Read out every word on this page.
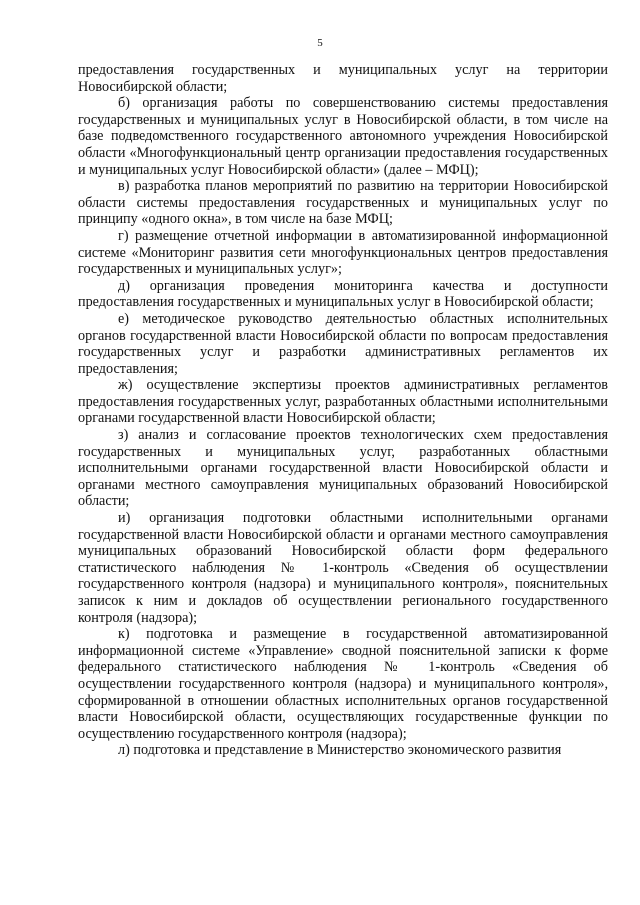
5

предоставления государственных и муниципальных услуг на территории Новосибирской области;

б) организация работы по совершенствованию системы предоставления государственных и муниципальных услуг в Новосибирской области, в том числе на базе подведомственного государственного автономного учреждения Новосибирской области «Многофункциональный центр организации предоставления государственных и муниципальных услуг Новосибирской области» (далее – МФЦ);

в) разработка планов мероприятий по развитию на территории Новосибирской области системы предоставления государственных и муниципальных услуг по принципу «одного окна», в том числе на базе МФЦ;

г) размещение отчетной информации в автоматизированной информационной системе «Мониторинг развития сети многофункциональных центров предоставления государственных и муниципальных услуг»;

д) организация проведения мониторинга качества и доступности предоставления государственных и муниципальных услуг в Новосибирской области;

е) методическое руководство деятельностью областных исполнительных органов государственной власти Новосибирской области по вопросам предоставления государственных услуг и разработки административных регламентов их предоставления;

ж) осуществление экспертизы проектов административных регламентов предоставления государственных услуг, разработанных областными исполнительными органами государственной власти Новосибирской области;

з) анализ и согласование проектов технологических схем предоставления государственных и муниципальных услуг, разработанных областными исполнительными органами государственной власти Новосибирской области и органами местного самоуправления муниципальных образований Новосибирской области;

и) организация подготовки областными исполнительными органами государственной власти Новосибирской области и органами местного самоуправления муниципальных образований Новосибирской области форм федерального статистического наблюдения № 1-контроль «Сведения об осуществлении государственного контроля (надзора) и муниципального контроля», пояснительных записок к ним и докладов об осуществлении регионального государственного контроля (надзора);

к) подготовка и размещение в государственной автоматизированной информационной системе «Управление» сводной пояснительной записки к форме федерального статистического наблюдения № 1-контроль «Сведения об осуществлении государственного контроля (надзора) и муниципального контроля», сформированной в отношении областных исполнительных органов государственной власти Новосибирской области, осуществляющих государственные функции по осуществлению государственного контроля (надзора);

л) подготовка и представление в Министерство экономического развития
